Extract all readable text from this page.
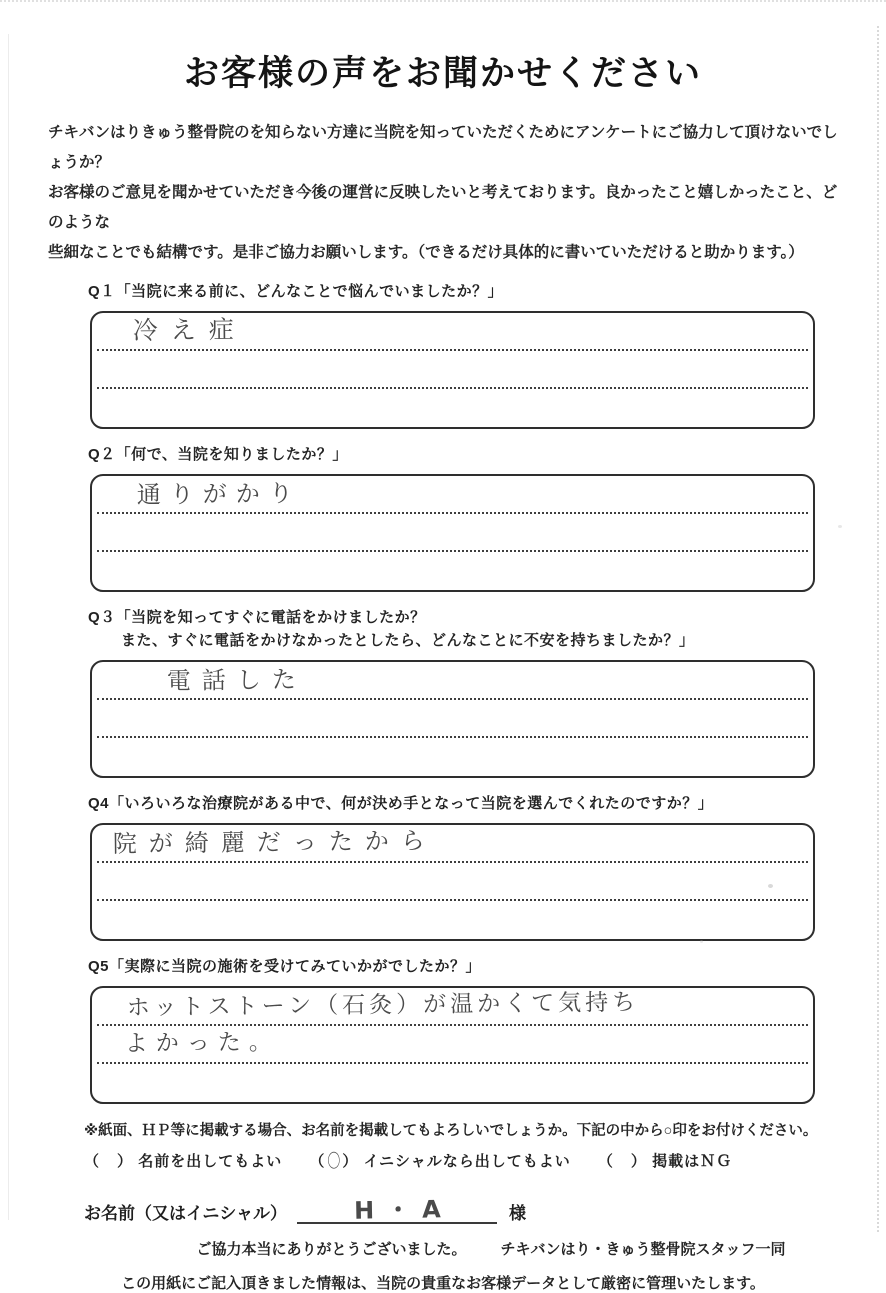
お客様の声をお聞かせください
チキバンはりきゅう整骨院のを知らない方達に当院を知っていただくためにアンケートにご協力して頂けないでしょうか？
お客様のご意見を聞かせていただき今後の運営に反映したいと考えております。良かったこと嬉しかったこと、どのような
些細なことでも結構です。是非ご協力お願いします。（できるだけ具体的に書いていただけると助かります。）
Q１「当院に来る前に、どんなことで悩んでいましたか？」
冷え症
Q２「何で、当院を知りましたか？」
通りがかり
Q３「当院を知ってすぐに電話をかけましたか？
また、すぐに電話をかけなかったとしたら、どんなことに不安を持ちましたか？」
電話した
Q4「いろいろな治療院がある中で、何が決め手となって当院を選んでくれたのですか？」
院が綺麗だったから
Q5「実際に当院の施術を受けてみていかがでしたか？」
ホットストーン（石灸）が温かくて気持ち
よかった。
※紙面、ＨＰ等に掲載する場合、お名前を掲載してもよろしいでしょうか。下記の中から○印をお付けください。
（　 ） 名前を出してもよい （ 〇） イニシャルなら出してもよい （　 ） 掲載はＮＧ
お名前（又はイニシャル）	H・A	様
ご協力本当にありがとうございました。 チキバンはり・きゅう整骨院スタッフ一同
この用紙にご記入頂きました情報は、当院の貴重なお客様データとして厳密に管理いたします。
